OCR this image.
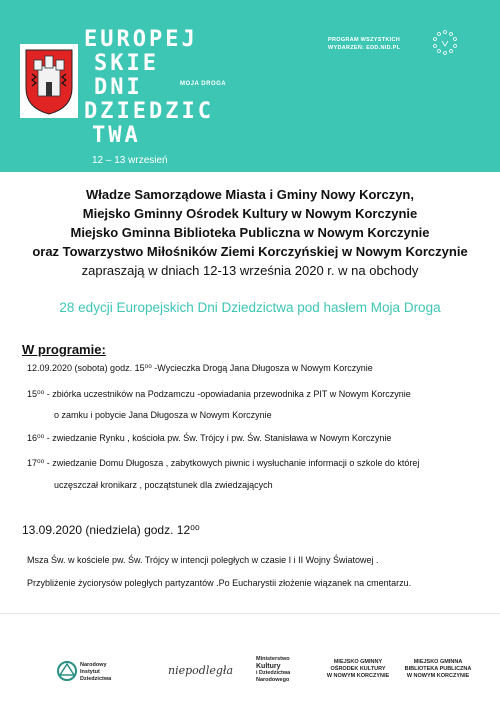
EUROPEJ
SKIE
DNI
DZIEDZIC
TWA
MOJA DROGA
12 – 13 wrzesień
PROGRAM WSZYSTKICH
WYDARZEŃ: EDD.NID.PL
Władze Samorządowe Miasta i Gminy Nowy Korczyn,
Miejsko Gminny Ośrodek Kultury w Nowym Korczynie
Miejsko Gminna Biblioteka Publiczna w Nowym Korczynie
oraz Towarzystwo Miłośników Ziemi Korczyńskiej w Nowym Korczynie
zapraszają w dniach 12-13 września 2020 r. w na obchody
28 edycji Europejskich Dni Dziedzictwa pod hasłem Moja Droga
W programie:
12.09.2020 (sobota) godz. 15⁰⁰ -Wycieczka Drogą Jana Długosza w Nowym Korczynie
15⁰⁰ - zbiórka uczestników na Podzamczu -opowiadania przewodnika z PIT w Nowym Korczynie
o zamku i pobycie Jana Długosza w Nowym Korczynie
16⁰⁰ - zwiedzanie Rynku , kościoła pw. Św. Trójcy i pw. Św. Stanisława w Nowym Korczynie
17⁰⁰ - zwiedzanie Domu Długosza , zabytkowych piwnic i wysłuchanie informacji o szkole do której
uczęszczał kronikarz , początstunek dla zwiedzających
13.09.2020 (niedziela) godz. 12⁰⁰
Msza Św. w kościele pw. Św. Trójcy w intencji poległych w czasie I i II Wojny Światowej .
Przybliżenie życiorysów poległych partyzantów .Po Eucharystii złożenie wiązanek na cmentarzu.
Narodowy
Instytut
Dziedzictwa
niepodległa
Ministerstwo
Kultury
i Dziedzictwa
Narodowego
MIEJSKO GMINNY
OŚRODEK KULTURY
W NOWYM KORCZYNIE
MIEJSKO GMINNA
BIBLIOTEKA PUBLICZNA
W NOWYM KORCZYNIE
